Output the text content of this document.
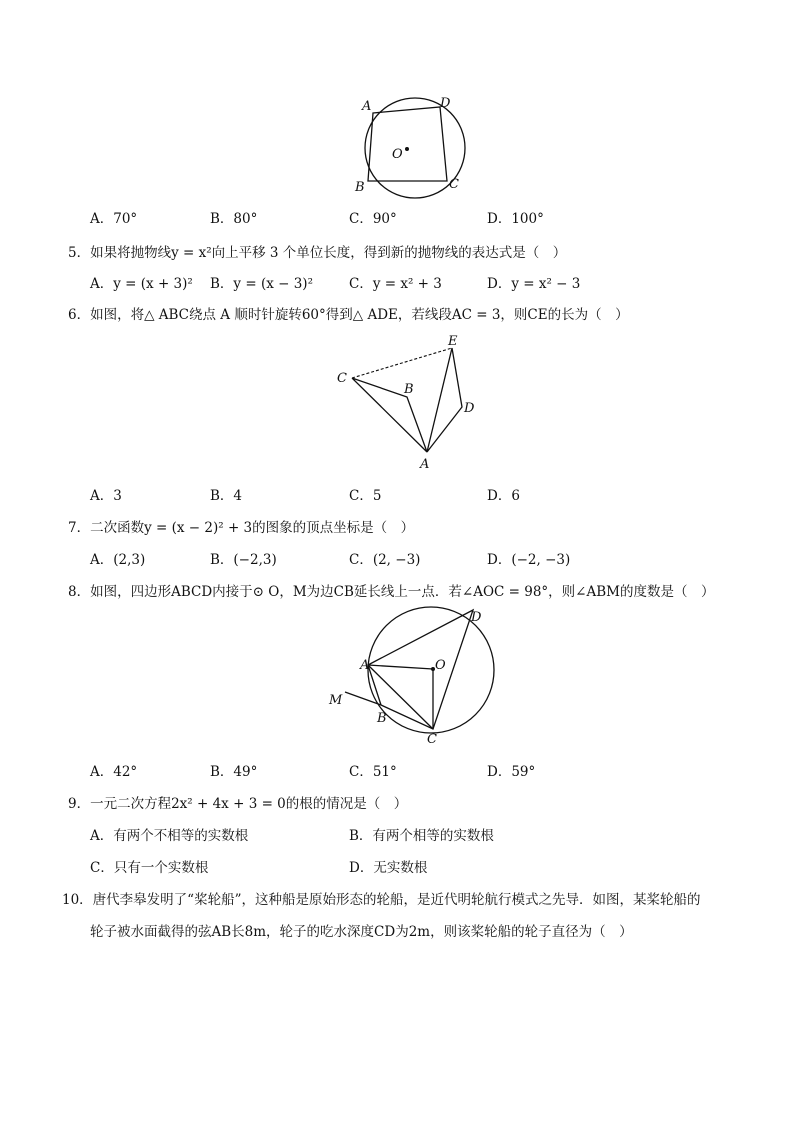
A	D
O
B	C
A．70°	B．80°	C．90°	D．100°
5．如果将抛物线y = x²向上平移 3 个单位长度，得到新的抛物线的表达式是（　）
A．y = (x + 3)² B．y = (x − 3)²	C．y = x² + 3	D．y = x² − 3
6．如图，将△ ABC绕点 A 顺时针旋转60°得到△ ADE，若线段AC = 3，则CE的长为（　）
C
E
B
D
A
A．3	B．4	C．5	D．6
7．二次函数y = (x − 2)² + 3的图象的顶点坐标是（　）
A．(2,3)	B．(−2,3)	C．(2, −3)	D．(−2, −3)
8．如图，四边形ABCD内接于⊙ O，M为边CB延长线上一点．若∠AOC = 98°，则∠ABM的度数是（　）
D
A	O
M
B
C
A．42°	B．49°	C．51°	D．59°
9．一元二次方程2x² + 4x + 3 = 0的根的情况是（　）
A．有两个不相等的实数根	B．有两个相等的实数根
C．只有一个实数根	D．无实数根
10．唐代李皋发明了“桨轮船”，这种船是原始形态的轮船，是近代明轮航行模式之先导．如图，某桨轮船的
轮子被水面截得的弦AB长8m，轮子的吃水深度CD为2m，则该桨轮船的轮子直径为（　）
